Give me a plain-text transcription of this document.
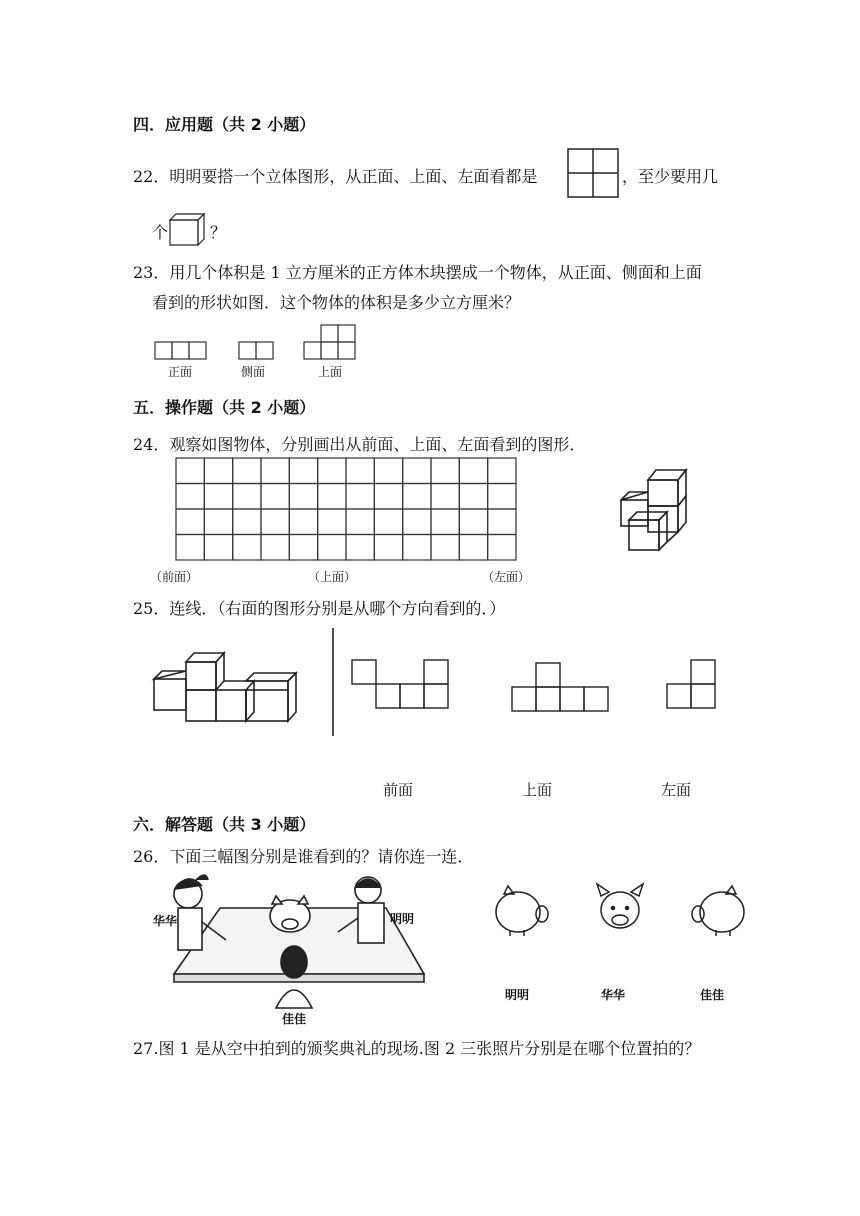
四．应用题（共 2 小题）
22．明明要搭一个立体图形，从正面、上面、左面看都是	，至少要用几
个	？
23．用几个体积是 1 立方厘米的正方体木块摆成一个物体，从正面、侧面和上面
看到的形状如图．这个物体的体积是多少立方厘米？
正面	侧面	上面
五．操作题（共 2 小题）
24．观察如图物体，分别画出从前面、上面、左面看到的图形．
（前面）	（上面）	（左面）
25．连线．（右面的图形分别是从哪个方向看到的．）
前面	上面	左面
六．解答题（共 3 小题）
26．下面三幅图分别是谁看到的？请你连一连．
华华	明明
佳佳
明明	华华	佳佳
27.图 1 是从空中拍到的颁奖典礼的现场.图 2 三张照片分别是在哪个位置拍的？
